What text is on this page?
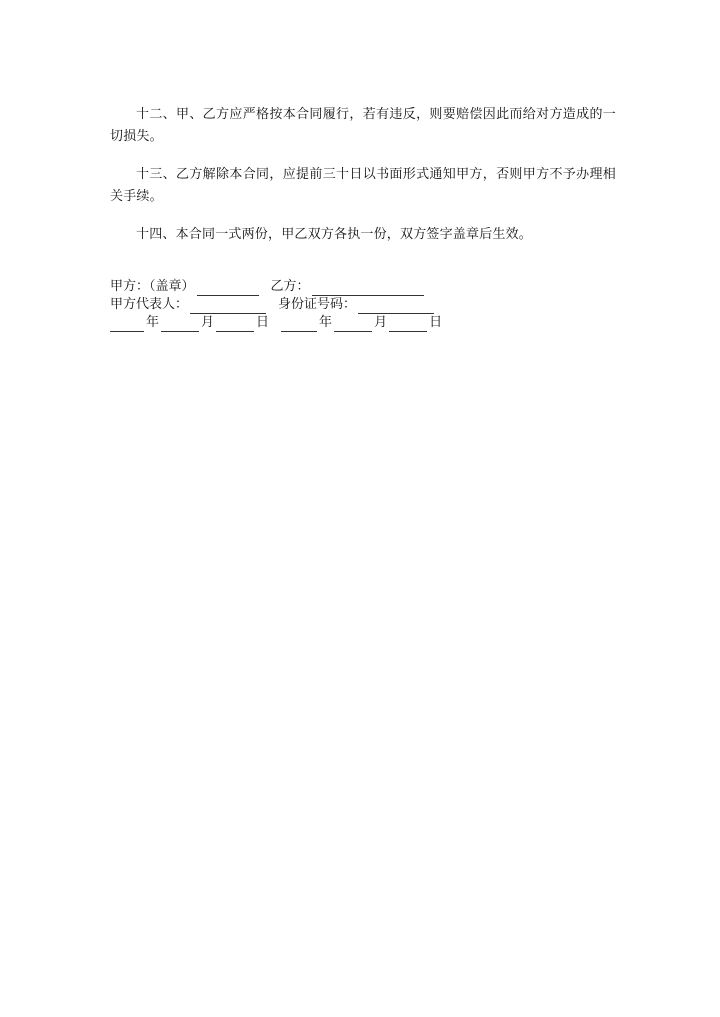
十二、甲、乙方应严格按本合同履行，若有违反，则要赔偿因此而给对方造成的一切损失。

十三、乙方解除本合同，应提前三十日以书面形式通知甲方，否则甲方不予办理相关手续。

十四、本合同一式两份，甲乙双方各执一份，双方签字盖章后生效。

甲方：（盖章）	乙方：
甲方代表人：	身份证号码：
年	月	日	年	月	日
